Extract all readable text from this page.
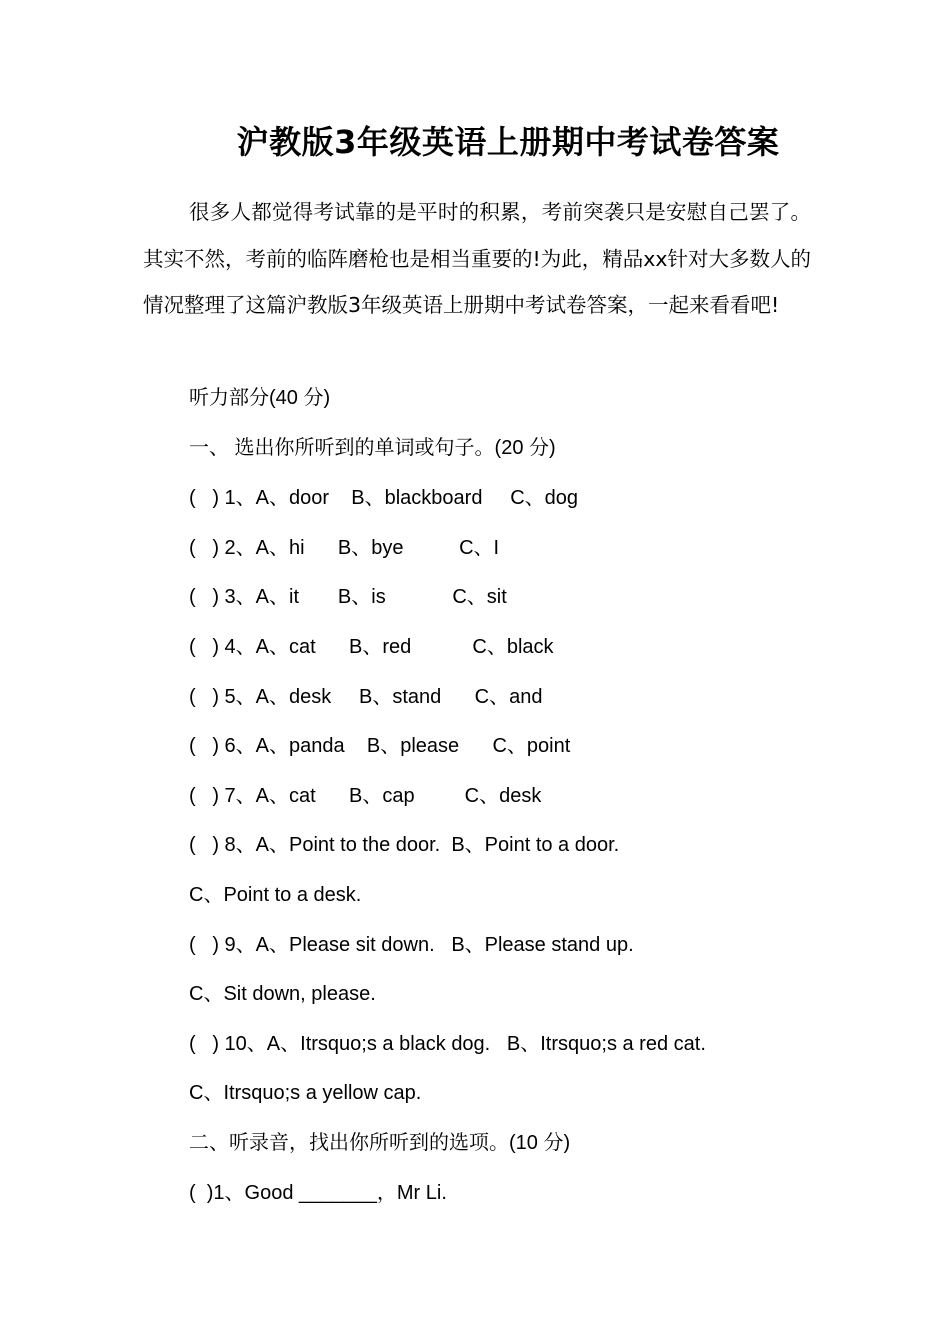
沪教版3年级英语上册期中考试卷答案

很多人都觉得考试靠的是平时的积累，考前突袭只是安慰自己罢了。其实不然，考前的临阵磨枪也是相当重要的!为此，精品xx针对大多数人的情况整理了这篇沪教版3年级英语上册期中考试卷答案，一起来看看吧!

听力部分(40 分)
一、 选出你所听到的单词或句子。(20 分)
(   ) 1、A、door    B、blackboard     C、dog
(   ) 2、A、hi      B、bye          C、I
(   ) 3、A、it       B、is            C、sit
(   ) 4、A、cat      B、red           C、black
(   ) 5、A、desk     B、stand      C、and
(   ) 6、A、panda    B、please      C、point
(   ) 7、A、cat      B、cap         C、desk
(   ) 8、A、Point to the door.  B、Point to a door.
C、Point to a desk.
(   ) 9、A、Please sit down.   B、Please stand up.
C、Sit down, please.
(   ) 10、A、Itrsquo;s a black dog.   B、Itrsquo;s a red cat.
C、Itrsquo;s a yellow cap.
二、听录音，找出你所听到的选项。(10 分)
(  )1、Good _______，Mr Li.
